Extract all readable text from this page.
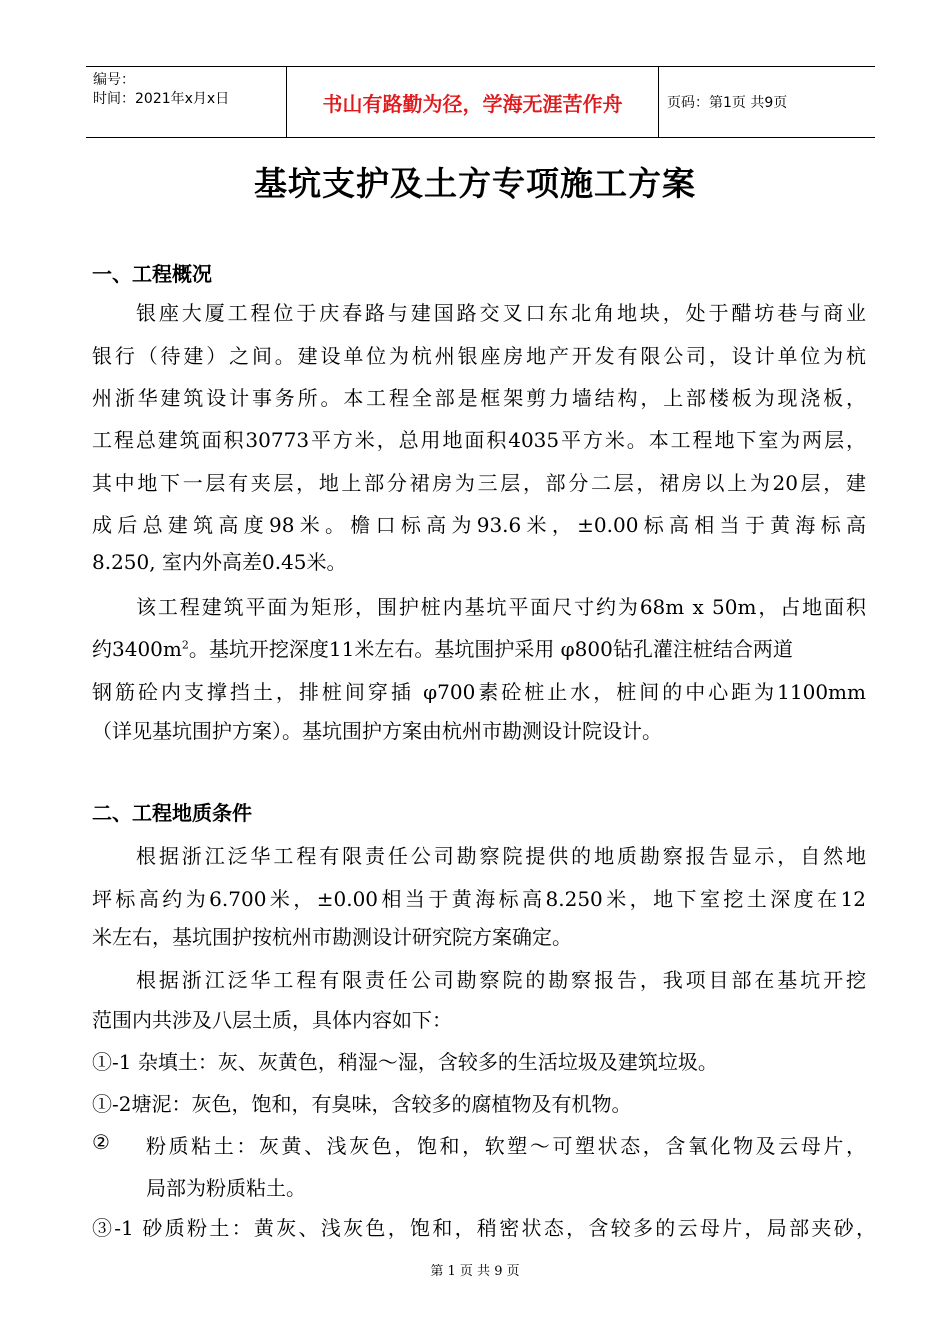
编号：
时间：2021年x月x日	书山有路勤为径，学海无涯苦作舟	页码：第1页 共9页
基坑支护及土方专项施工方案
一、工程概况
银座大厦工程位于庆春路与建国路交叉口东北角地块，处于醋坊巷与商业
银行（待建）之间。建设单位为杭州银座房地产开发有限公司，设计单位为杭
州浙华建筑设计事务所。本工程全部是框架剪力墙结构，上部楼板为现浇板，
工程总建筑面积30773平方米，总用地面积4035平方米。本工程地下室为两层，
其中地下一层有夹层，地上部分裙房为三层，部分二层，裙房以上为20层，建
成后总建筑高度98米。檐口标高为93.6米，±0.00标高相当于黄海标高
8.250, 室内外高差0.45米。
该工程建筑平面为矩形，围护桩内基坑平面尺寸约为68m x 50m，占地面积
约$3400m^2$。基坑开挖深度11米左右。基坑围护采用 φ800钻孔灌注桩结合两道
钢筋砼内支撑挡土，排桩间穿插 φ700素砼桩止水，桩间的中心距为1100mm
（详见基坑围护方案）。基坑围护方案由杭州市勘测设计院设计。
二、工程地质条件
根据浙江泛华工程有限责任公司勘察院提供的地质勘察报告显示，自然地
坪标高约为6.700米，±0.00相当于黄海标高8.250米，地下室挖土深度在12
米左右，基坑围护按杭州市勘测设计研究院方案确定。
根据浙江泛华工程有限责任公司勘察院的勘察报告，我项目部在基坑开挖
范围内共涉及八层土质，具体内容如下：
①-1 杂填土：灰、灰黄色，稍湿～湿，含较多的生活垃圾及建筑垃圾。
①-2塘泥：灰色，饱和，有臭味，含较多的腐植物及有机物。
② 粉质粘土：灰黄、浅灰色，饱和，软塑～可塑状态，含氧化物及云母片，
局部为粉质粘土。
③-1 砂质粉土：黄灰、浅灰色，饱和，稍密状态，含较多的云母片，局部夹砂，
第 1 页 共 9 页
